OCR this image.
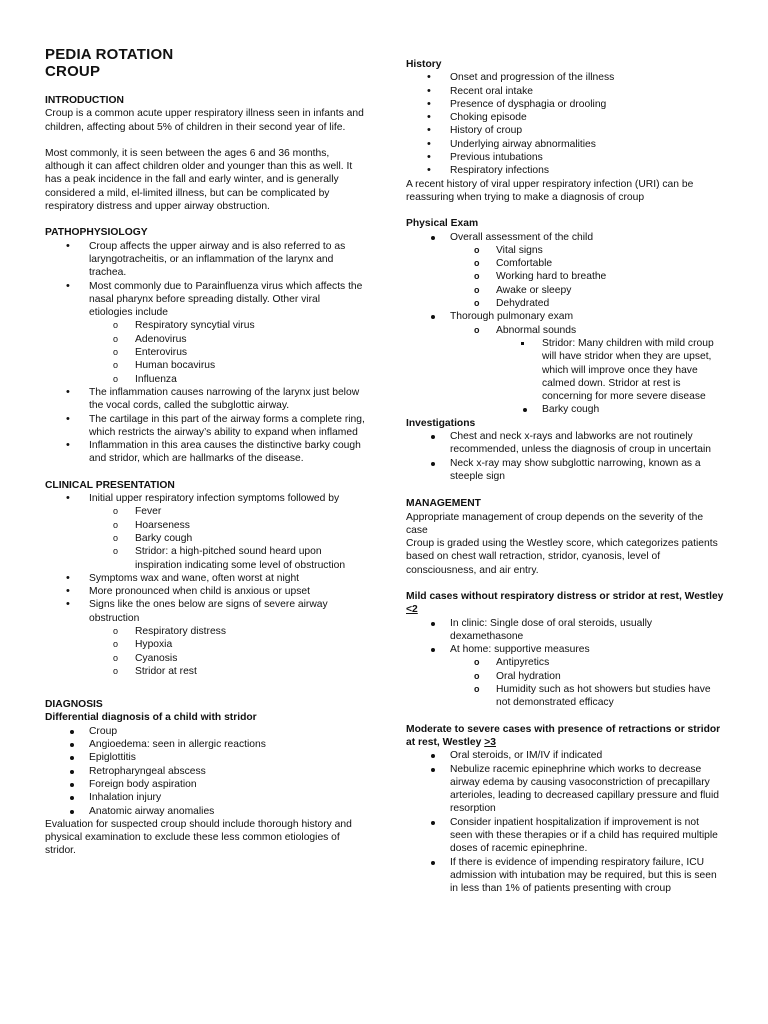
PEDIA ROTATION
CROUP
INTRODUCTION

Croup is a common acute upper respiratory illness seen in infants and children, affecting about 5% of children in their second year of life.

Most commonly, it is seen between the ages 6 and 36 months, although it can affect children older and younger than this as well. It has a peak incidence in the fall and early winter, and is generally considered a mild, el-limited illness, but can be complicated by respiratory distress and upper airway obstruction.

PATHOPHYSIOLOGY
• Croup affects the upper airway and is also referred to as laryngotracheitis, or an inflammation of the larynx and trachea.
• Most commonly due to Parainfluenza virus which affects the nasal pharynx before spreading distally. Other viral etiologies include
o Respiratory syncytial virus
o Adenovirus
o Enterovirus
o Human bocavirus
o Influenza
• The inflammation causes narrowing of the larynx just below the vocal cords, called the subglottic airway.
• The cartilage in this part of the airway forms a complete ring, which restricts the airway’s ability to expand when inflamed
• Inflammation in this area causes the distinctive barky cough and stridor, which are hallmarks of the disease.
CLINICAL PRESENTATION
• Initial upper respiratory infection symptoms followed by
o Fever
o Hoarseness
o Barky cough
o Stridor: a high-pitched sound heard upon inspiration indicating some level of obstruction
• Symptoms wax and wane, often worst at night
• More pronounced when child is anxious or upset
• Signs like the ones below are signs of severe airway obstruction
o Respiratory distress
o Hypoxia
o Cyanosis
o Stridor at rest
DIAGNOSIS
Differential diagnosis of a child with stridor
Croup
Angioedema: seen in allergic reactions
Epiglottitis
Retropharyngeal abscess
Foreign body aspiration
Inhalation injury
Anatomic airway anomalies

Evaluation for suspected croup should include thorough history and physical examination to exclude these less common etiologies of stridor.

History
• Onset and progression of the illness
• Recent oral intake
• Presence of dysphagia or drooling
• Choking episode
• History of croup
• Underlying airway abnormalities
• Previous intubations
• Respiratory infections

A recent history of viral upper respiratory infection (URI) can be reassuring when trying to make a diagnosis of croup

Physical Exam
Overall assessment of the child
o Vital signs
o Comfortable
o Working hard to breathe
o Awake or sleepy
o Dehydrated
Thorough pulmonary exam
o Abnormal sounds
Stridor: Many children with mild croup will have stridor when they are upset, which will improve once they have calmed down. Stridor at rest is concerning for more severe disease
Barky cough
Investigations
Chest and neck x-rays and labworks are not routinely recommended, unless the diagnosis of croup in uncertain
Neck x-ray may show subglottic narrowing, known as a steeple sign
MANAGEMENT

Appropriate management of croup depends on the severity of the case

Croup is graded using the Westley score, which categorizes patients based on chest wall retraction, stridor, cyanosis, level of consciousness, and air entry.

Mild cases without respiratory distress or stridor at rest, Westley <2
In clinic: Single dose of oral steroids, usually dexamethasone
At home: supportive measures
o Antipyretics
o Oral hydration
o Humidity such as hot showers but studies have not demonstrated efficacy
Moderate to severe cases with presence of retractions or stridor at rest, Westley >3
Oral steroids, or IM/IV if indicated
Nebulize racemic epinephrine which works to decrease airway edema by causing vasoconstriction of precapillary arterioles, leading to decreased capillary pressure and fluid resorption
Consider inpatient hospitalization if improvement is not seen with these therapies or if a child has required multiple doses of racemic epinephrine.
If there is evidence of impending respiratory failure, ICU admission with intubation may be required, but this is seen in less than 1% of patients presenting with croup
